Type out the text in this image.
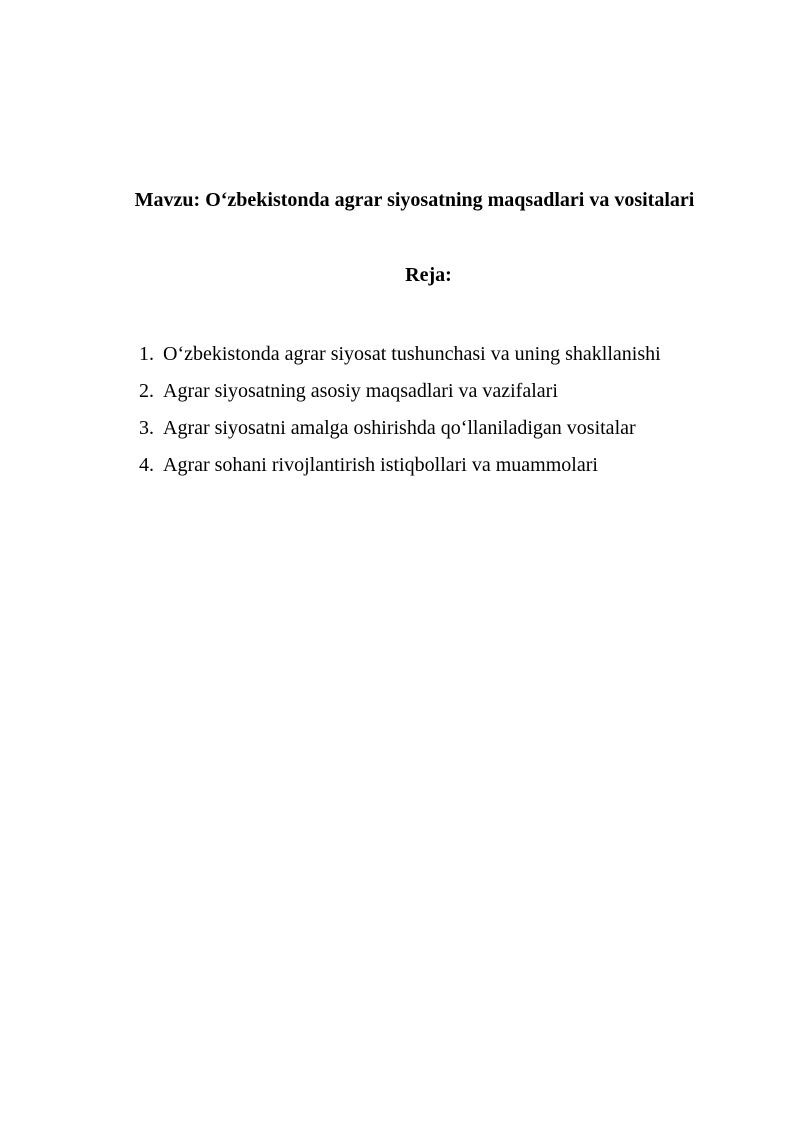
Mavzu: O‘zbekistonda agrar siyosatning maqsadlari va vositalari
Reja:
1. O‘zbekistonda agrar siyosat tushunchasi va uning shakllanishi
2. Agrar siyosatning asosiy maqsadlari va vazifalari
3. Agrar siyosatni amalga oshirishda qo‘llaniladigan vositalar
4. Agrar sohani rivojlantirish istiqbollari va muammolari
